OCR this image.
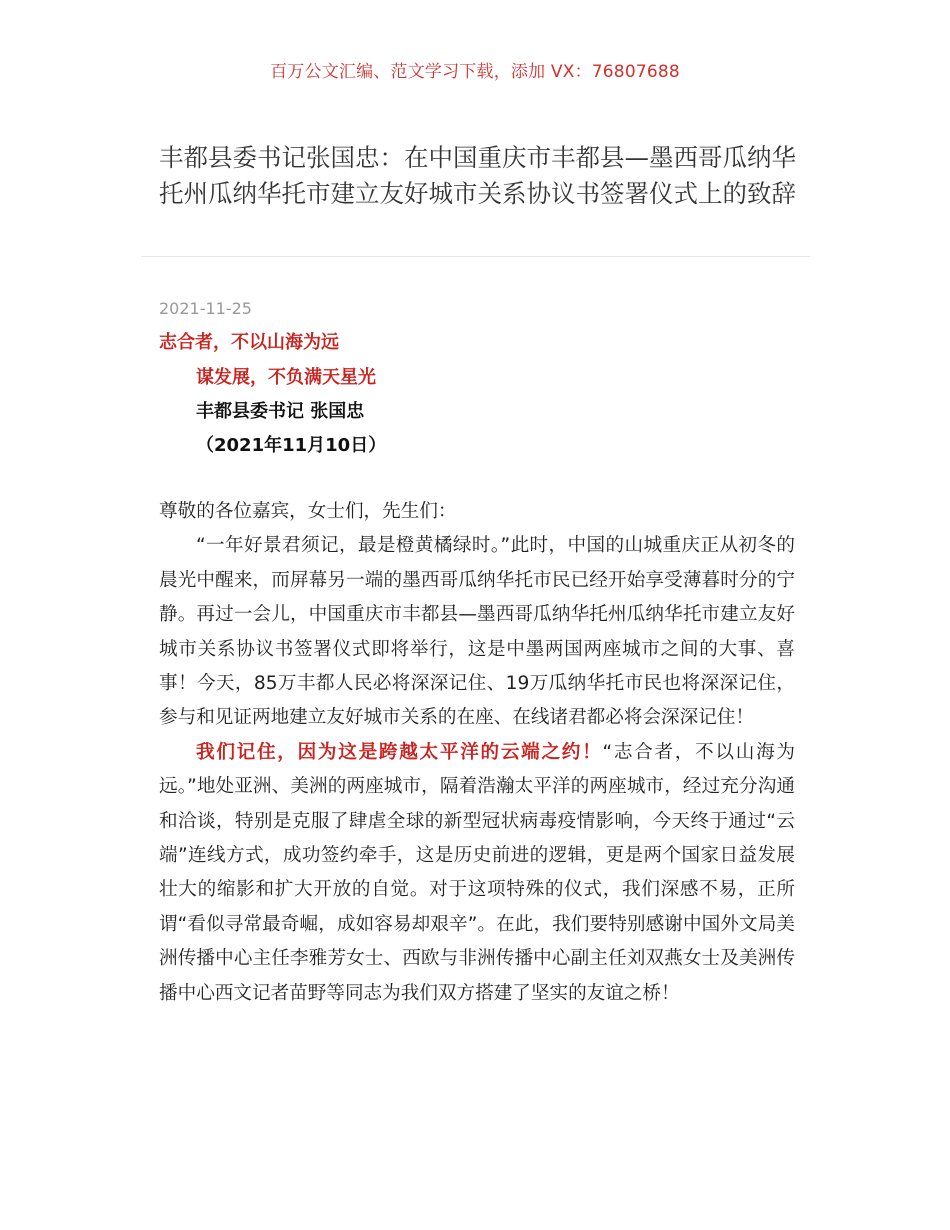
百万公文汇编、范文学习下载，添加 VX：76807688
丰都县委书记张国忠：在中国重庆市丰都县—墨西哥瓜纳华托州瓜纳华托市建立友好城市关系协议书签署仪式上的致辞
2021-11-25
志合者，不以山海为远
谋发展，不负满天星光
丰都县委书记 张国忠
（2021年11月10日）

尊敬的各位嘉宾，女士们，先生们：

“一年好景君须记，最是橙黄橘绿时。”此时，中国的山城重庆正从初冬的晨光中醒来，而屏幕另一端的墨西哥瓜纳华托市民已经开始享受薄暮时分的宁静。再过一会儿，中国重庆市丰都县—墨西哥瓜纳华托州瓜纳华托市建立友好城市关系协议书签署仪式即将举行，这是中墨两国两座城市之间的大事、喜事！今天，85万丰都人民必将深深记住、19万瓜纳华托市民也将深深记住，参与和见证两地建立友好城市关系的在座、在线诸君都必将会深深记住！

我们记住，因为这是跨越太平洋的云端之约！“志合者，不以山海为远。”地处亚洲、美洲的两座城市，隔着浩瀚太平洋的两座城市，经过充分沟通和洽谈，特别是克服了肆虐全球的新型冠状病毒疫情影响，今天终于通过“云端”连线方式，成功签约牵手，这是历史前进的逻辑，更是两个国家日益发展壮大的缩影和扩大开放的自觉。对于这项特殊的仪式，我们深感不易，正所谓“看似寻常最奇崛，成如容易却艰辛”。在此，我们要特别感谢中国外文局美洲传播中心主任李雅芳女士、西欧与非洲传播中心副主任刘双燕女士及美洲传播中心西文记者苗野等同志为我们双方搭建了坚实的友谊之桥！
